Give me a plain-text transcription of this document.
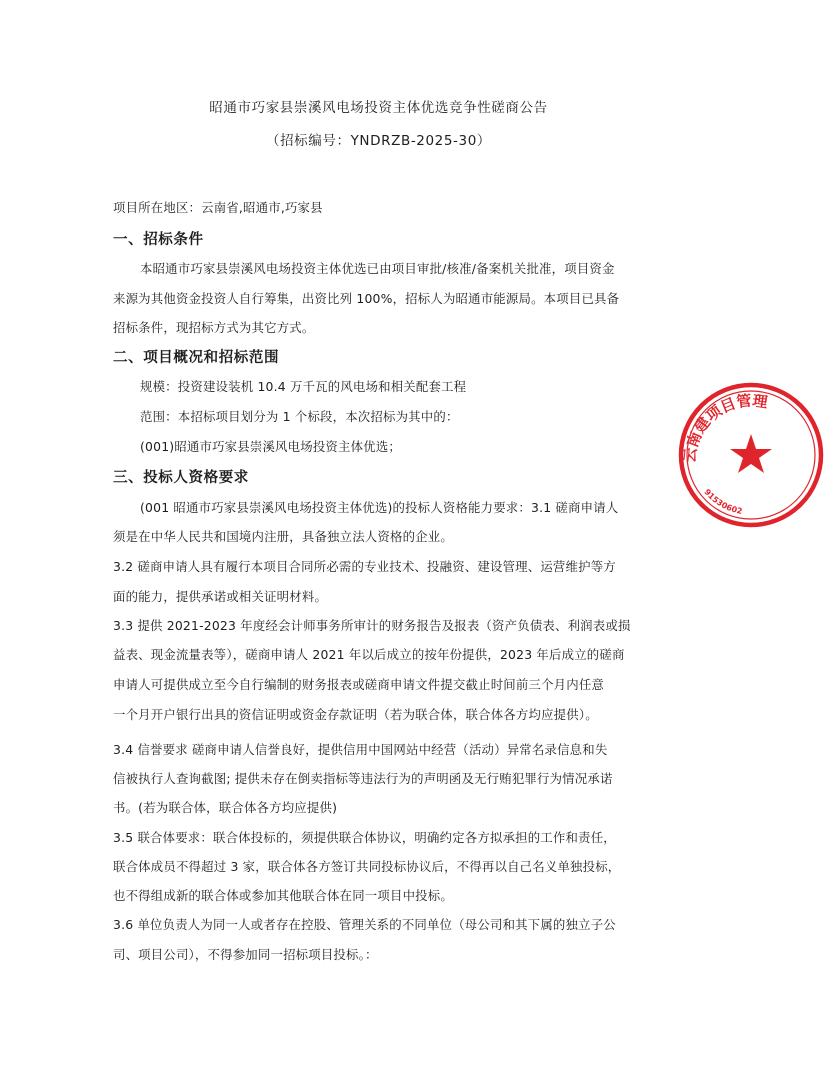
昭通市巧家县崇溪风电场投资主体优选竞争性磋商公告
（招标编号：YNDRZB-2025-30）
项目所在地区：云南省,昭通市,巧家县
一、招标条件
本昭通市巧家县崇溪风电场投资主体优选已由项目审批/核准/备案机关批准，项目资金
来源为其他资金投资人自行筹集，出资比列 100%，招标人为昭通市能源局。本项目已具备
招标条件，现招标方式为其它方式。
二、项目概况和招标范围
规模：投资建设装机 10.4 万千瓦的风电场和相关配套工程
范围：本招标项目划分为 1 个标段，本次招标为其中的：
(001)昭通市巧家县崇溪风电场投资主体优选；
三、投标人资格要求
(001 昭通市巧家县崇溪风电场投资主体优选)的投标人资格能力要求：3.1 磋商申请人
须是在中华人民共和国境内注册，具备独立法人资格的企业。
3.2 磋商申请人具有履行本项目合同所必需的专业技术、投融资、建设管理、运营维护等方
面的能力，提供承诺或相关证明材料。
3.3 提供 2021-2023 年度经会计师事务所审计的财务报告及报表（资产负债表、利润表或损
益表、现金流量表等），磋商申请人 2021 年以后成立的按年份提供，2023 年后成立的磋商
申请人可提供成立至今自行编制的财务报表或磋商申请文件提交截止时间前三个月内任意
一个月开户银行出具的资信证明或资金存款证明（若为联合体，联合体各方均应提供）。
3.4 信誉要求 磋商申请人信誉良好，提供信用中国网站中经营（活动）异常名录信息和失
信被执行人查询截图; 提供未存在倒卖指标等违法行为的声明函及无行贿犯罪行为情况承诺
书。(若为联合体，联合体各方均应提供)
3.5 联合体要求：联合体投标的，须提供联合体协议，明确约定各方拟承担的工作和责任，
联合体成员不得超过 3 家，联合体各方签订共同投标协议后，不得再以自己名义单独投标，
也不得组成新的联合体或参加其他联合体在同一项目中投标。
3.6 单位负责人为同一人或者存在控股、管理关系的不同单位（母公司和其下属的独立子公
司、项目公司），不得参加同一招标项目投标。：
云南建项目管理
91530602
